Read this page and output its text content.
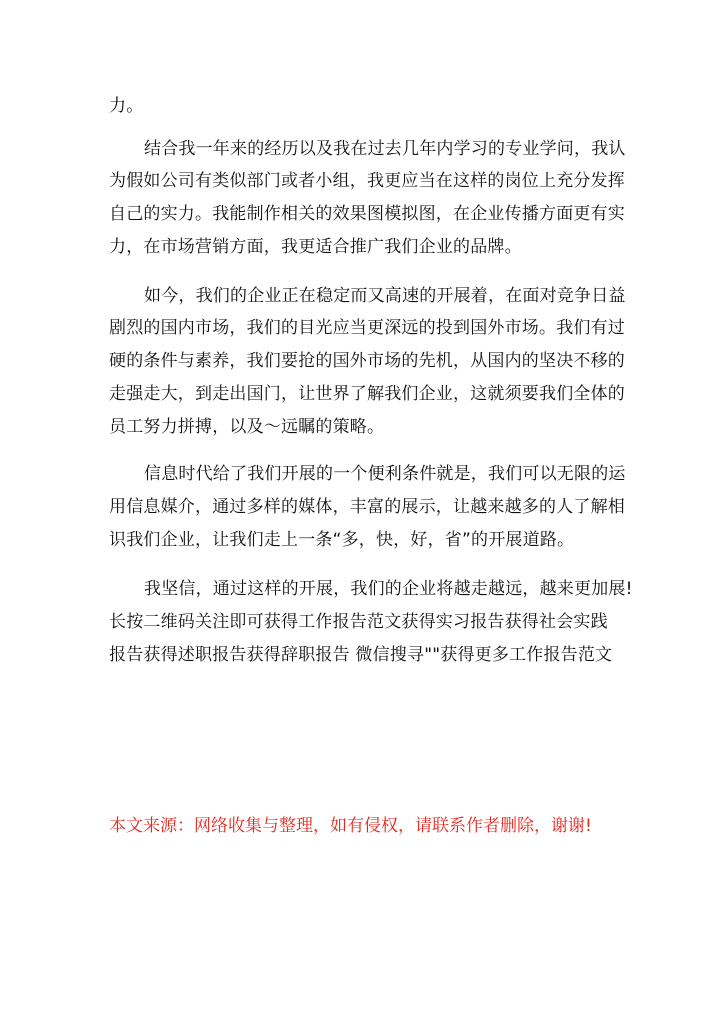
力。
结合我一年来的经历以及我在过去几年内学习的专业学问，我认
为假如公司有类似部门或者小组，我更应当在这样的岗位上充分发挥
自己的实力。我能制作相关的效果图模拟图，在企业传播方面更有实
力，在市场营销方面，我更适合推广我们企业的品牌。
如今，我们的企业正在稳定而又高速的开展着，在面对竞争日益
剧烈的国内市场，我们的目光应当更深远的投到国外市场。我们有过
硬的条件与素养，我们要抢的国外市场的先机，从国内的坚决不移的
走强走大，到走出国门，让世界了解我们企业，这就须要我们全体的
员工努力拼搏，以及～远瞩的策略。
信息时代给了我们开展的一个便利条件就是，我们可以无限的运
用信息媒介，通过多样的媒体，丰富的展示，让越来越多的人了解相
识我们企业，让我们走上一条“多，快，好，省”的开展道路。
我坚信，通过这样的开展，我们的企业将越走越远，越来更加展!
长按二维码关注即可获得工作报告范文获得实习报告获得社会实践
报告获得述职报告获得辞职报告 微信搜寻""获得更多工作报告范文
本文来源：网络收集与整理，如有侵权，请联系作者删除，谢谢!
